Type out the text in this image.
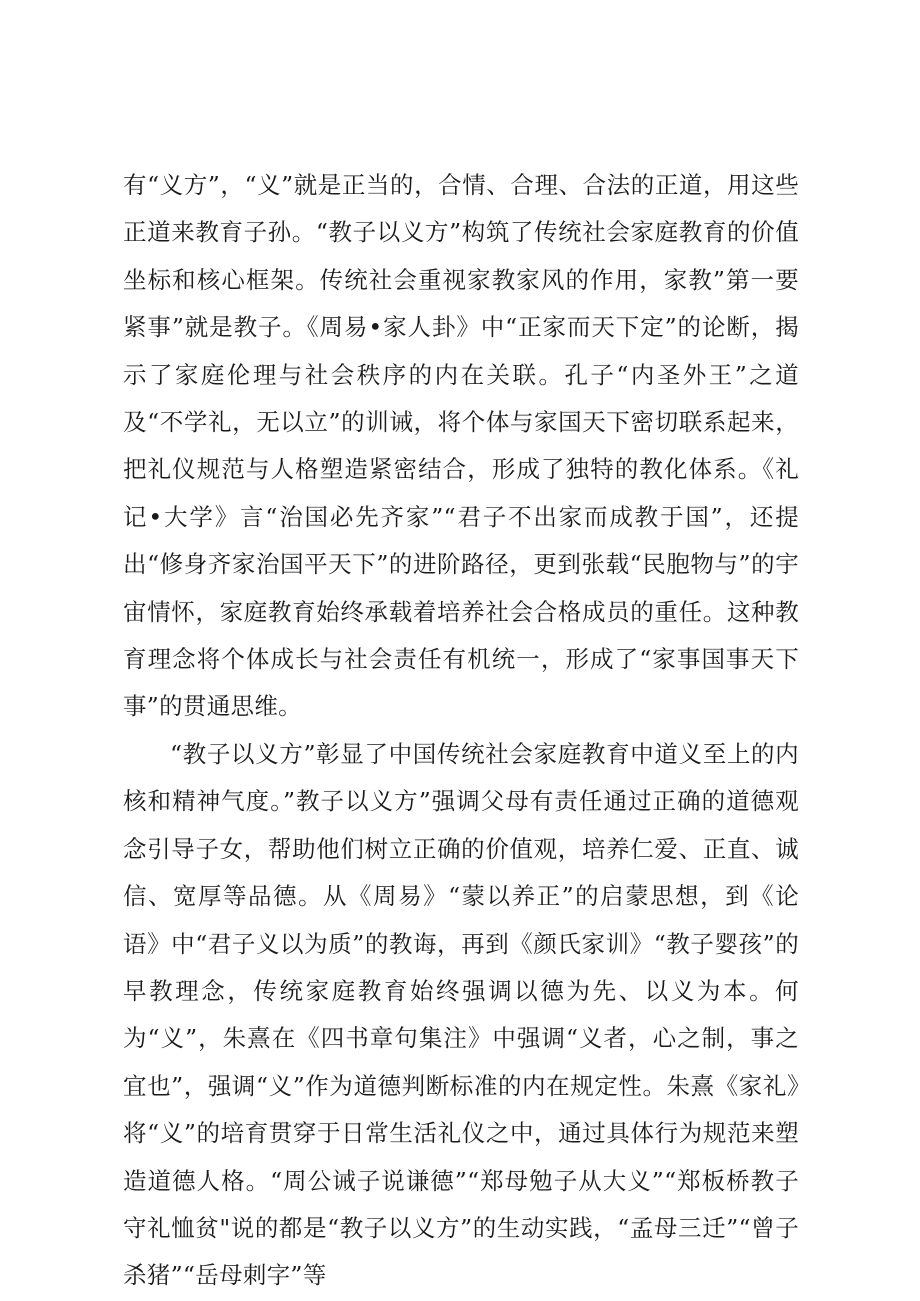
有“义方”，“义”就是正当的，合情、合理、合法的正道，用这些正道来教育子孙。“教子以义方”构筑了传统社会家庭教育的价值坐标和核心框架。传统社会重视家教家风的作用，家教”第一要紧事”就是教子。《周易•家人卦》中“正家而天下定”的论断，揭示了家庭伦理与社会秩序的内在关联。孔子“内圣外王”之道及“不学礼，无以立”的训诫，将个体与家国天下密切联系起来，把礼仪规范与人格塑造紧密结合，形成了独特的教化体系。《礼记•大学》言“治国必先齐家”“君子不出家而成教于国”，还提出“修身齐家治国平天下”的进阶路径，更到张载“民胞物与”的宇宙情怀，家庭教育始终承载着培养社会合格成员的重任。这种教育理念将个体成长与社会责任有机统一，形成了“家事国事天下事”的贯通思维。

“教子以义方”彰显了中国传统社会家庭教育中道义至上的内核和精神气度。”教子以义方”强调父母有责任通过正确的道德观念引导子女，帮助他们树立正确的价值观，培养仁爱、正直、诚信、宽厚等品德。从《周易》“蒙以养正”的启蒙思想，到《论语》中“君子义以为质”的教诲，再到《颜氏家训》“教子婴孩”的早教理念，传统家庭教育始终强调以德为先、以义为本。何为“义”，朱熹在《四书章句集注》中强调“义者，心之制，事之宜也”，强调“义”作为道德判断标准的内在规定性。朱熹《家礼》将“义”的培育贯穿于日常生活礼仪之中，通过具体行为规范来塑造道德人格。“周公诫子说谦德”“郑母勉子从大义”“郑板桥教子守礼恤贫"说的都是“教子以义方”的生动实践，“孟母三迁”“曾子杀猪”“岳母刺字”等
